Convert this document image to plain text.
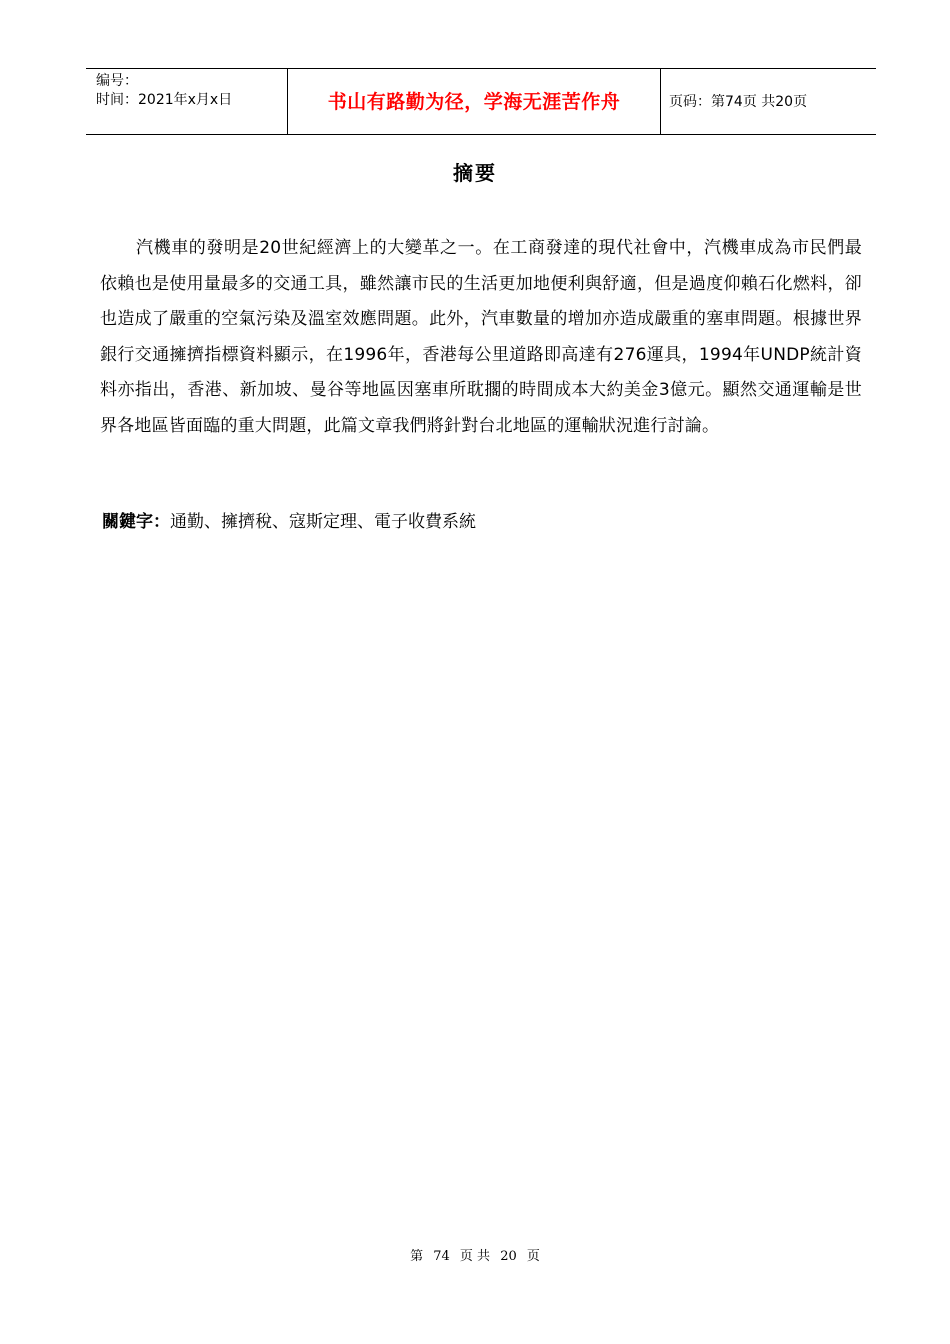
编号：
时间：2021年x月x日	书山有路勤为径，学海无涯苦作舟	页码：第74页 共20页
摘要

汽機車的發明是20世紀經濟上的大變革之一。在工商發達的現代社會中，汽機車成為市民們最依賴也是使用量最多的交通工具，雖然讓市民的生活更加地便利與舒適，但是過度仰賴石化燃料，卻也造成了嚴重的空氣污染及溫室效應問題。此外，汽車數量的增加亦造成嚴重的塞車問題。根據世界銀行交通擁擠指標資料顯示，在1996年，香港每公里道路即高達有276運具，1994年UNDP統計資料亦指出，香港、新加坡、曼谷等地區因塞車所耽擱的時間成本大約美金3億元。顯然交通運輸是世界各地區皆面臨的重大問題，此篇文章我們將針對台北地區的運輸狀況進行討論。

關鍵字：通勤、擁擠稅、寇斯定理、電子收費系統
第 74 页 共 20 页
